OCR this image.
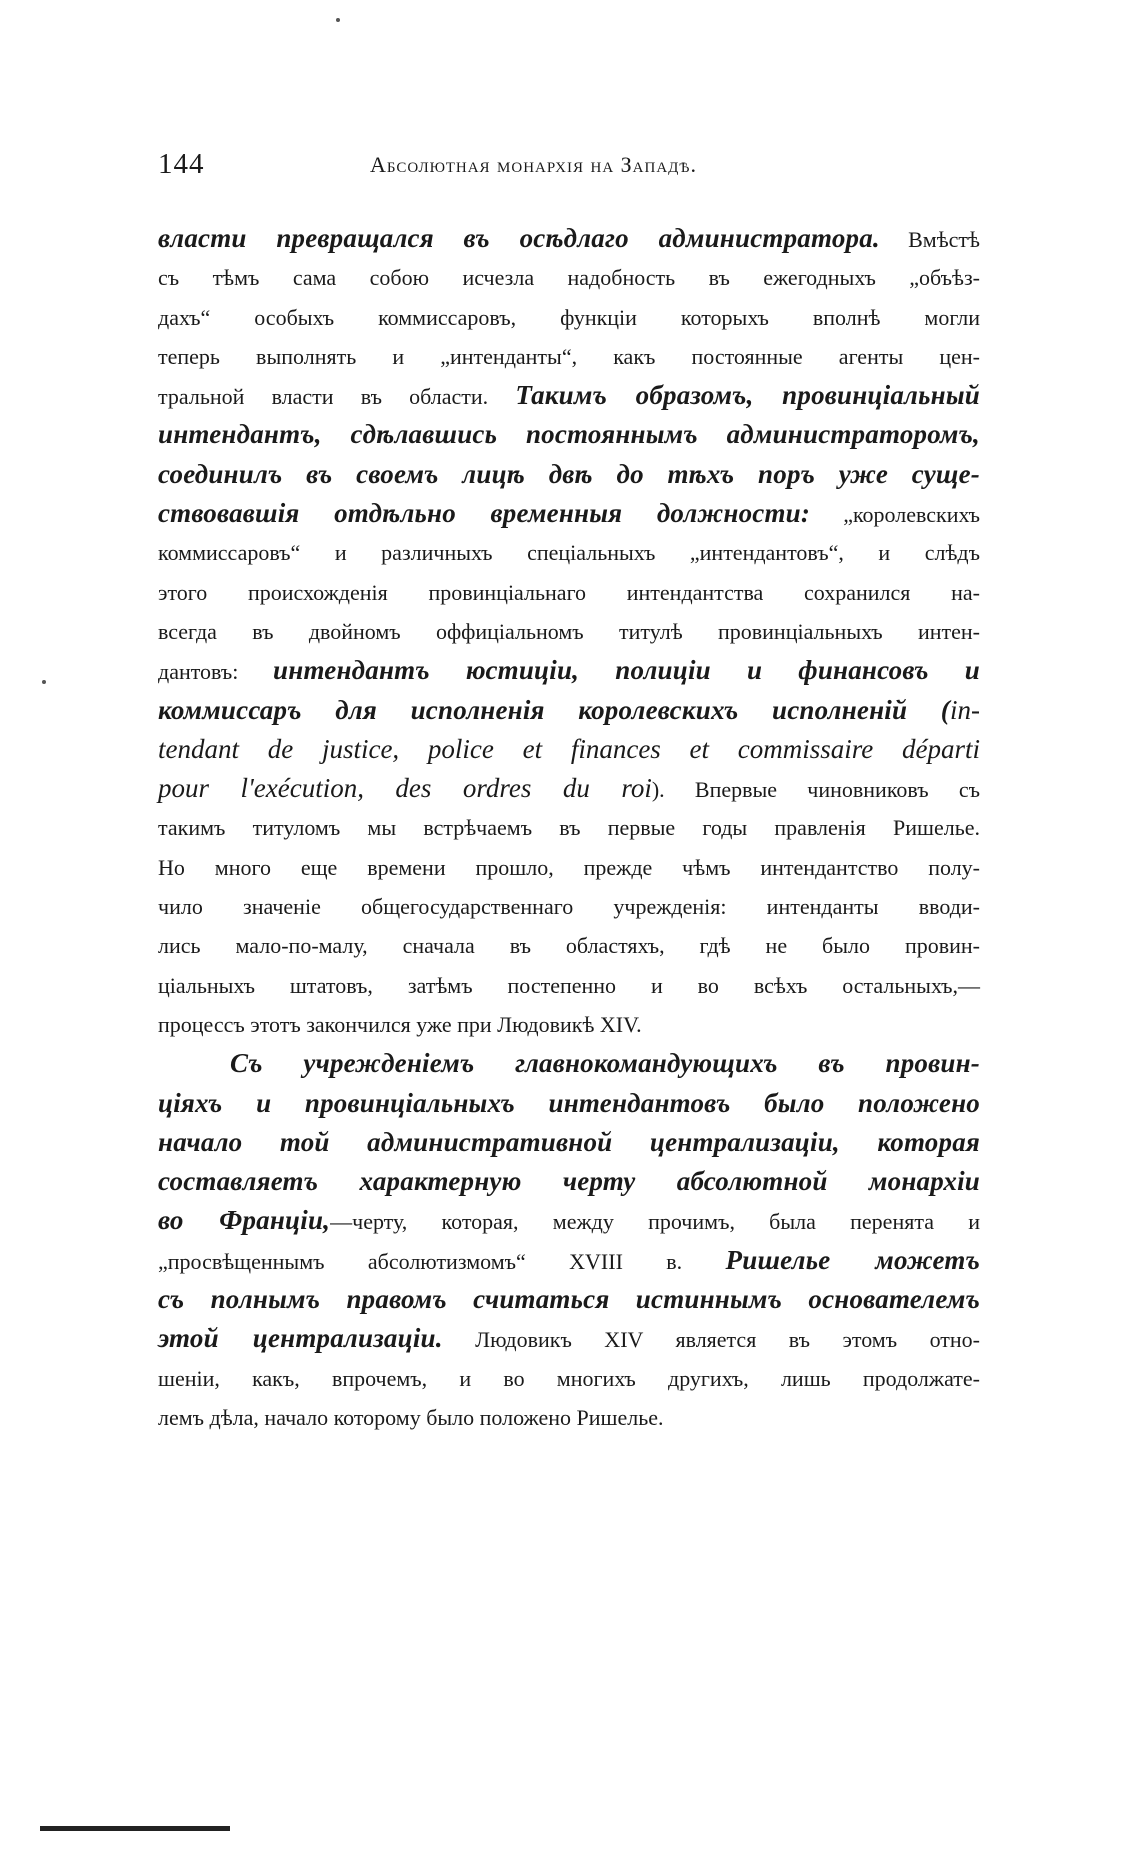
144	Абсолютная монархія на Западѣ.
власти превращался въ осѣдлаго администратора. Вмѣстѣ
съ тѣмъ сама собою исчезла надобность въ ежегодныхъ „объѣз-
дахъ“ особыхъ коммиссаровъ, функціи которыхъ вполнѣ могли
теперь выполнять и „интенданты“, какъ постоянные агенты цен-
тральной власти въ области. Такимъ образомъ, провинціальный
интендантъ, сдѣлавшись постояннымъ администраторомъ,
соединилъ въ своемъ лицѣ двѣ до тѣхъ поръ уже суще-
ствовавшія отдѣльно временныя должности: „королевскихъ
коммиссаровъ“ и различныхъ спеціальныхъ „интендантовъ“, и слѣдъ
этого происхожденія провинціальнаго интендантства сохранился на-
всегда въ двойномъ оффиціальномъ титулѣ провинціальныхъ интен-
дантовъ: интендантъ юстиціи, полиціи и финансовъ и
коммиссаръ для исполненія королевскихъ исполненій (in-
tendant de justice, police et finances et commissaire départi
pour l'exécution, des ordres du roi). Впервые чиновниковъ съ
такимъ титуломъ мы встрѣчаемъ въ первые годы правленія Ришелье.
Но много еще времени прошло, прежде чѣмъ интендантство полу-
чило значеніе общегосударственнаго учрежденія: интенданты вводи-
лись мало-по-малу, сначала въ областяхъ, гдѣ не было провин-
ціальныхъ штатовъ, затѣмъ постепенно и во всѣхъ остальныхъ,—
процессъ этотъ закончился уже при Людовикѣ XIV.
Съ учрежденіемъ главнокомандующихъ въ провин-
ціяхъ и провинціальныхъ интендантовъ было положено
начало той административной централизаціи, которая
составляетъ характерную черту абсолютной монархіи
во Франціи,—черту, которая, между прочимъ, была перенята и
„просвѣщеннымъ абсолютизмомъ“ XVIII в. Ришелье можетъ
съ полнымъ правомъ считаться истиннымъ основателемъ
этой централизаціи. Людовикъ XIV является въ этомъ отно-
шеніи, какъ, впрочемъ, и во многихъ другихъ, лишь продолжате-
лемъ дѣла, начало которому было положено Ришелье.
